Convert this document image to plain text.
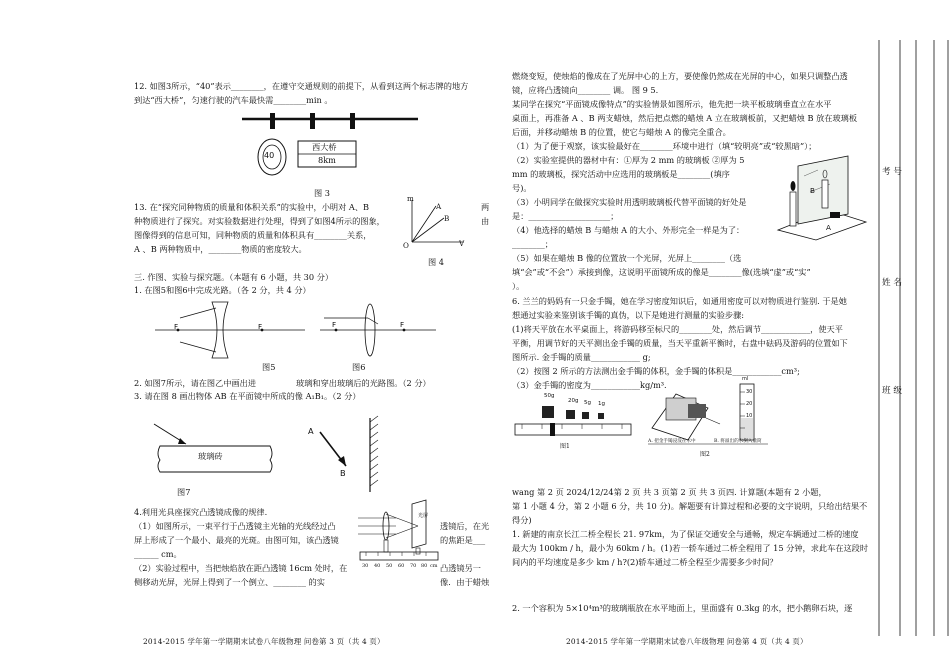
12. 如图3所示，“40”表示________，在遵守交通规则的前提下，从看到这两个标志牌的地方
到达“西大桥”，匀速行驶的汽车最快需________min 。
40
西大桥
8km
图 3
13. 在“探究同种物质的质量和体积关系”的实验中，小明对 A、B	两
种物质进行了探究。对实验数据进行处理，得到了如图4所示的图象，	由
图像得到的信息可知，同种物质的质量和体积具有________关系，
A 、B 两种物质中，________物质的密度较大。
m
V
O
A
B
图 4
三. 作图、实验与探究题。（本题有 6 小题，共 30 分）
1. 在图5和图6中完成光路。（各 2 分，共 4 分）
F	F
图5
F	F
图6
2. 如图7所示，请在图乙中画出进	玻璃和穿出玻璃后的光路图。（2 分）
3. 请在图 8 画出物体 AB 在平面镜中所成的像 A₁B₁。（2 分）
玻璃砖
图7
A
B
4.利用光具座探究凸透镜成像的规律.
（1）如图所示，一束平行于凸透镜主光轴的光线经过凸	透镜后，在光
屏上形成了一个最小、最亮的光斑。由图可知，该凸透镜	的焦距是___
______ cm。
（2）实验过程中，当把烛焰放在距凸透镜 16cm 处时，在	凸透镜另一
侧移动光屏，光屏上得到了一个倒立、________ 的实	像．由于蜡烛
光屏
30 40 50 60 70 80 cm
2014-2015 学年第一学期期末试卷八年级物理 问卷第 3 页（共 4 页）
燃烧变短，使烛焰的像成在了光屏中心的上方，要使像仍然成在光屏的中心，如果只调整凸透
镜，应将凸透镜向________ 调。 图 9 5.
某同学在探究“平面镜成像特点”的实验情景如图所示，他先把一块平板玻璃垂直立在水平
桌面上，再准备 A 、B 两支蜡烛，然后把点燃的蜡烛 A 立在玻璃板前，又把蜡烛 B 放在玻璃板
后面，并移动蜡烛 B 的位置，使它与蜡烛 A 的像完全重合。
（1）为了便于观察，该实验最好在________环境中进行（填“较明亮”或“较黑暗”）；
（2）实验室提供的器材中有：①厚为 2 mm 的玻璃板 ②厚为 5
mm 的玻璃板，探究活动中应选用的玻璃板是________(填序
号)。
（3）小明同学在做探究实验时用透明玻璃板代替平面镜的好处是
是：____________________；
（4）他选择的蜡烛 B 与蜡烛 A 的大小、外形完全一样是为了：
________；
（5）如果在蜡烛 B 像的位置放一个光屏，光屏上________（选
填“会”或“不会”）承接到像，这说明平面镜所成的像是________像(选填“虚”或“实”
）。
A
B
6. 兰兰的妈妈有一只金手镯，她在学习密度知识后，如通用密度可以对物质进行鉴别. 于是她
想通过实验来鉴别该手镯的真伪，以下是她进行测量的实验步骤:
(1)将天平放在水平桌面上，将游码移至标尺的________处，然后调节____________，使天平
平衡，用调节好的天平测出金手镯的质量，当天平重新平衡时，右盘中砝码及游码的位置如下
图所示. 金手镯的质量____________ g;
（2）按图 2 所示的方法测出金手镯的体积，金手镯的体积是____________cm³;
（3）金手镯的密度为____________kg/m³.
50g
20g 5g 1g
图1
ml
30
20
10
A. 把金手镯浸没在水中	B. 将溢出的水倒入量筒
图2
wang 第 2 页 2024/12/24第 2 页 共 3 页第 2 页 共 3 页四. 计算题(本题有 2 小题，
第 1 小题 4 分，第 2 小题 6 分，共 10 分)。解题要有计算过程和必要的文字说明，只给出结果不
得分)
1. 新建的南京长江二桥全程长 21. 97km，为了保证交通安全与通畅，规定车辆通过二桥的速度
最大为 100km / h，最小为 60km / h。(1)若一轿车通过二桥全程用了 15 分钟，求此车在这段时
间内的平均速度是多少 km / h?(2)轿车通过二桥全程至少需要多少时间？
2. 一个容积为 5×10⁴m³的玻璃瓶放在水平地面上，里面盛有 0.3kg 的水，把小鹅卵石块，逐
2014-2015 学年第一学期期末试卷八年级物理 问卷第 4 页（共 4 页）
考 号
姓 名
班 级
